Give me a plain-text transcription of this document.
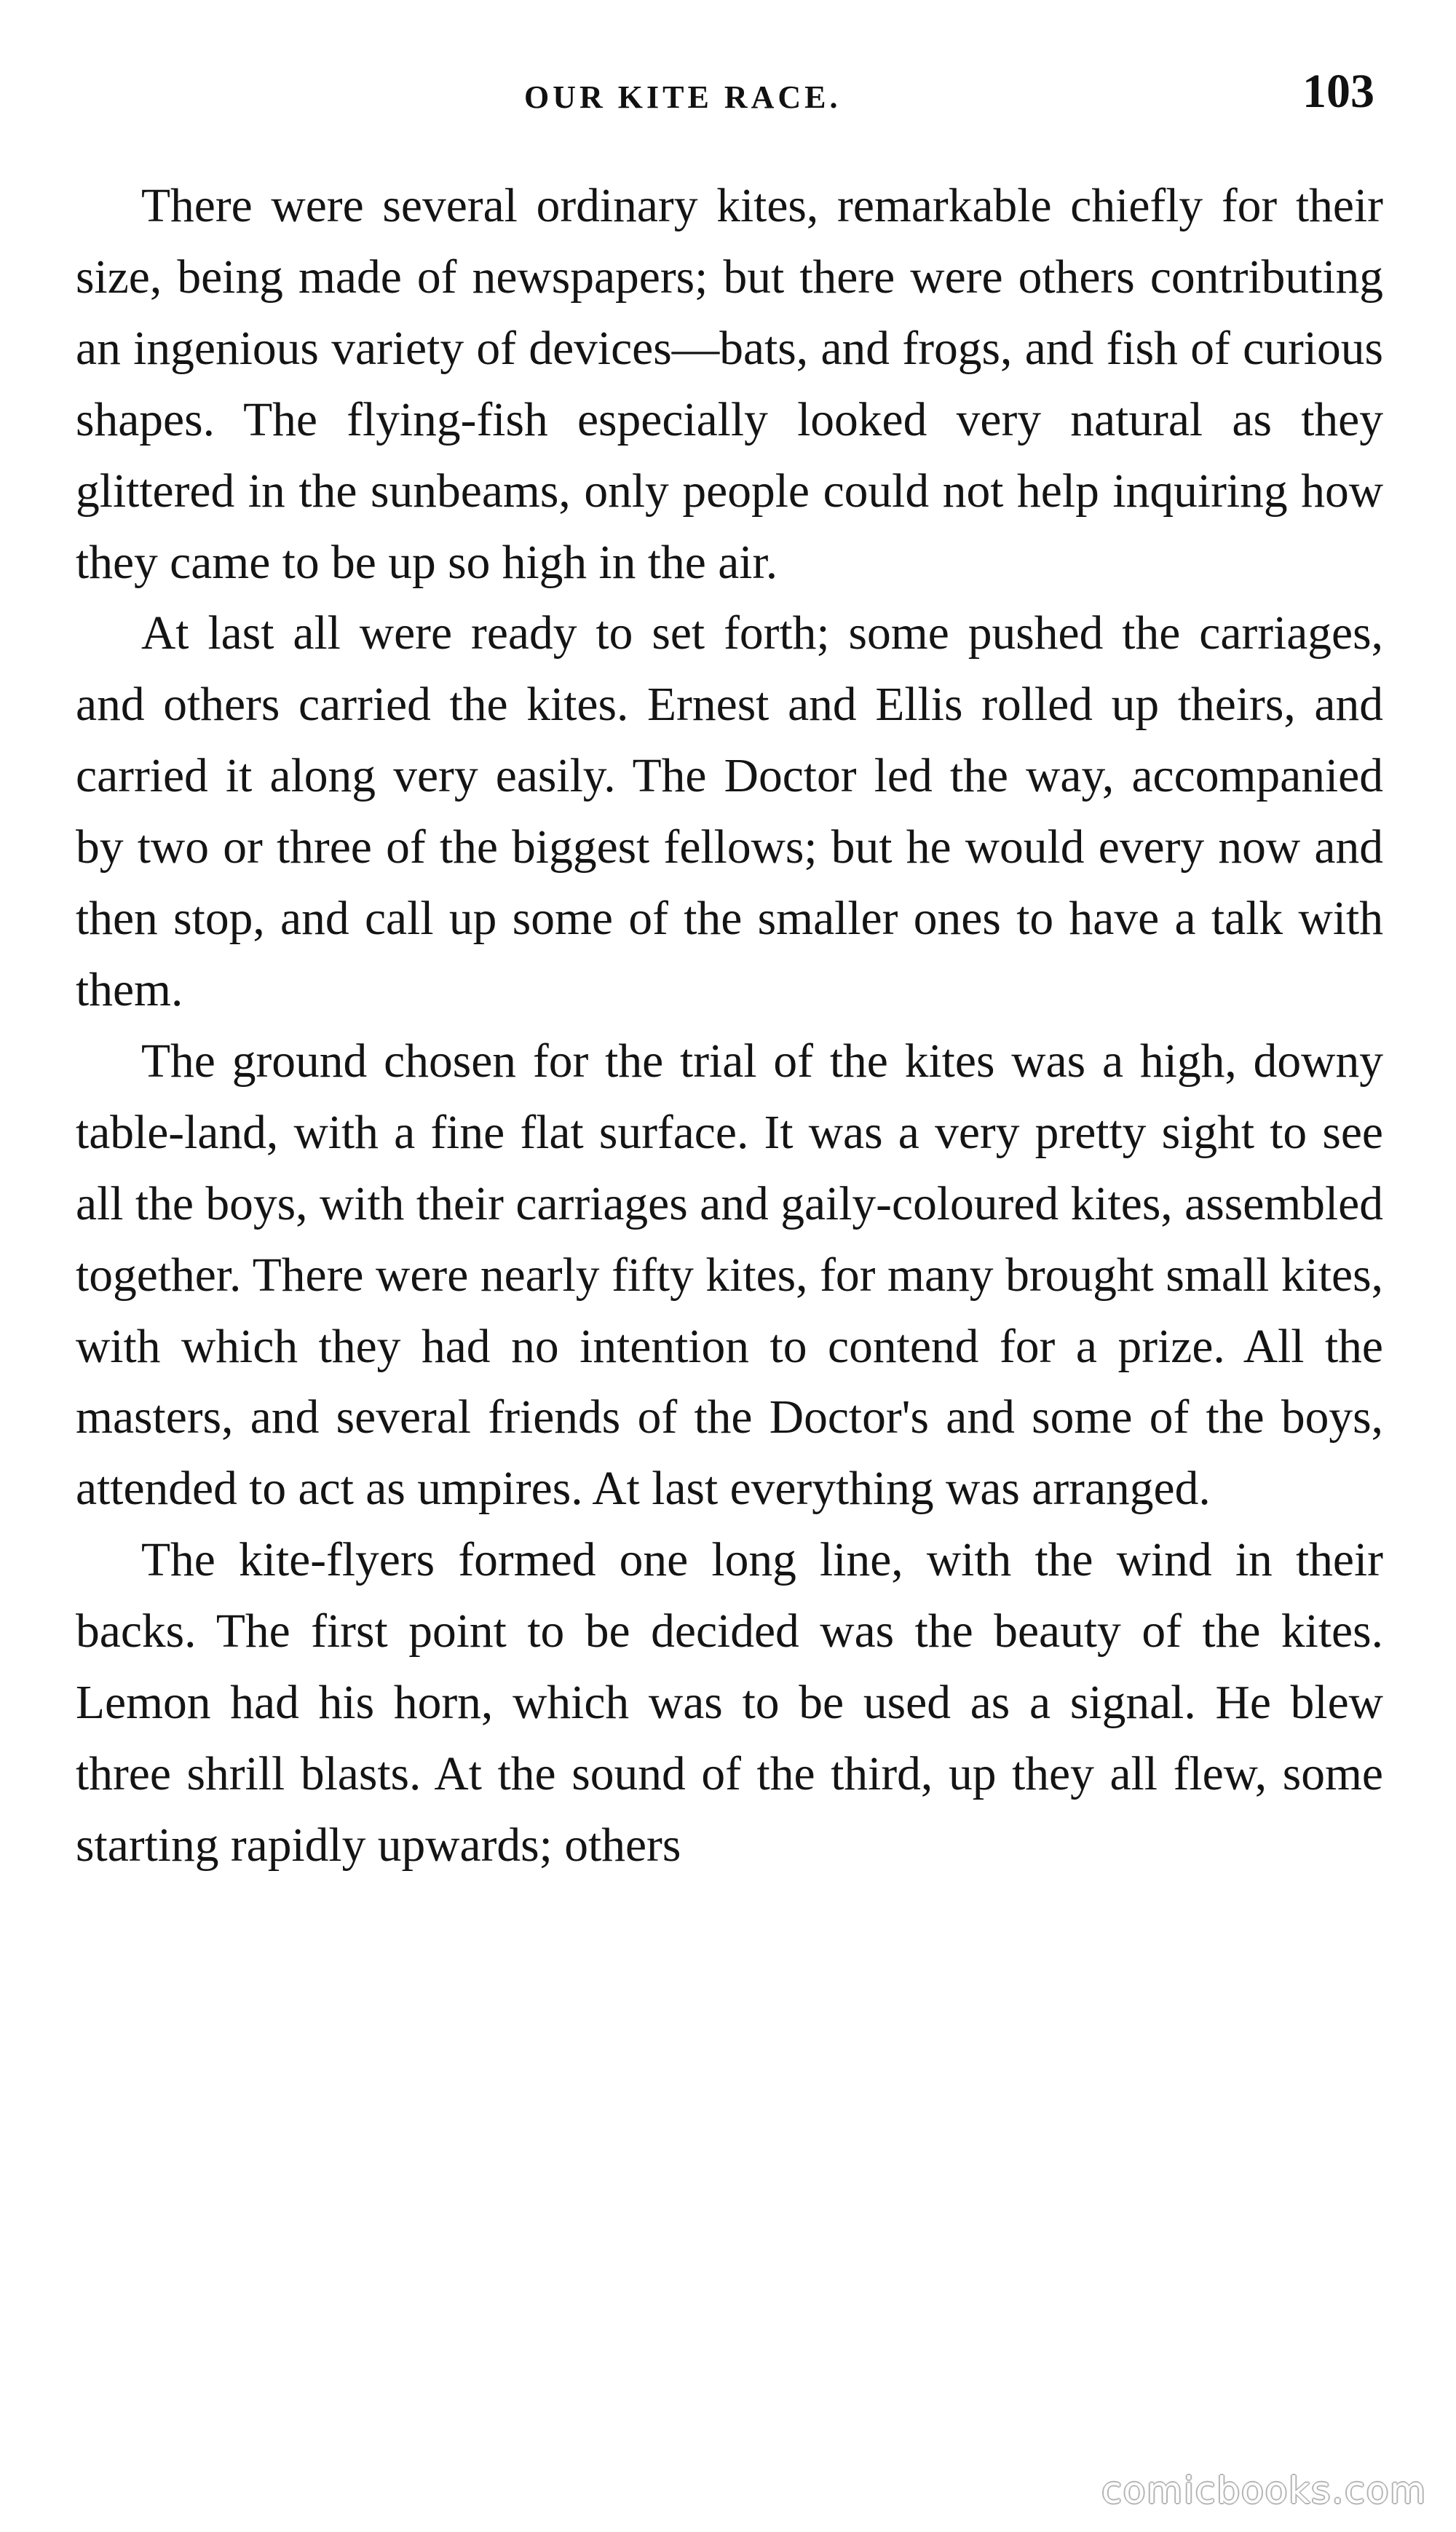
OUR KITE RACE.	103

There were several ordinary kites, remarkable chiefly for their size, being made of newspapers; but there were others contributing an ingenious variety of devices—bats, and frogs, and fish of curious shapes. The flying-fish especially looked very natural as they glittered in the sunbeams, only people could not help inquiring how they came to be up so high in the air.

At last all were ready to set forth; some pushed the carriages, and others carried the kites. Ernest and Ellis rolled up theirs, and carried it along very easily. The Doctor led the way, accompanied by two or three of the biggest fellows; but he would every now and then stop, and call up some of the smaller ones to have a talk with them.

The ground chosen for the trial of the kites was a high, downy table-land, with a fine flat surface. It was a very pretty sight to see all the boys, with their carriages and gaily-coloured kites, assembled together. There were nearly fifty kites, for many brought small kites, with which they had no intention to contend for a prize. All the masters, and several friends of the Doctor's and some of the boys, attended to act as umpires. At last everything was arranged.

The kite-flyers formed one long line, with the wind in their backs. The first point to be decided was the beauty of the kites. Lemon had his horn, which was to be used as a signal. He blew three shrill blasts. At the sound of the third, up they all flew, some starting rapidly upwards; others

comicbooks.com
